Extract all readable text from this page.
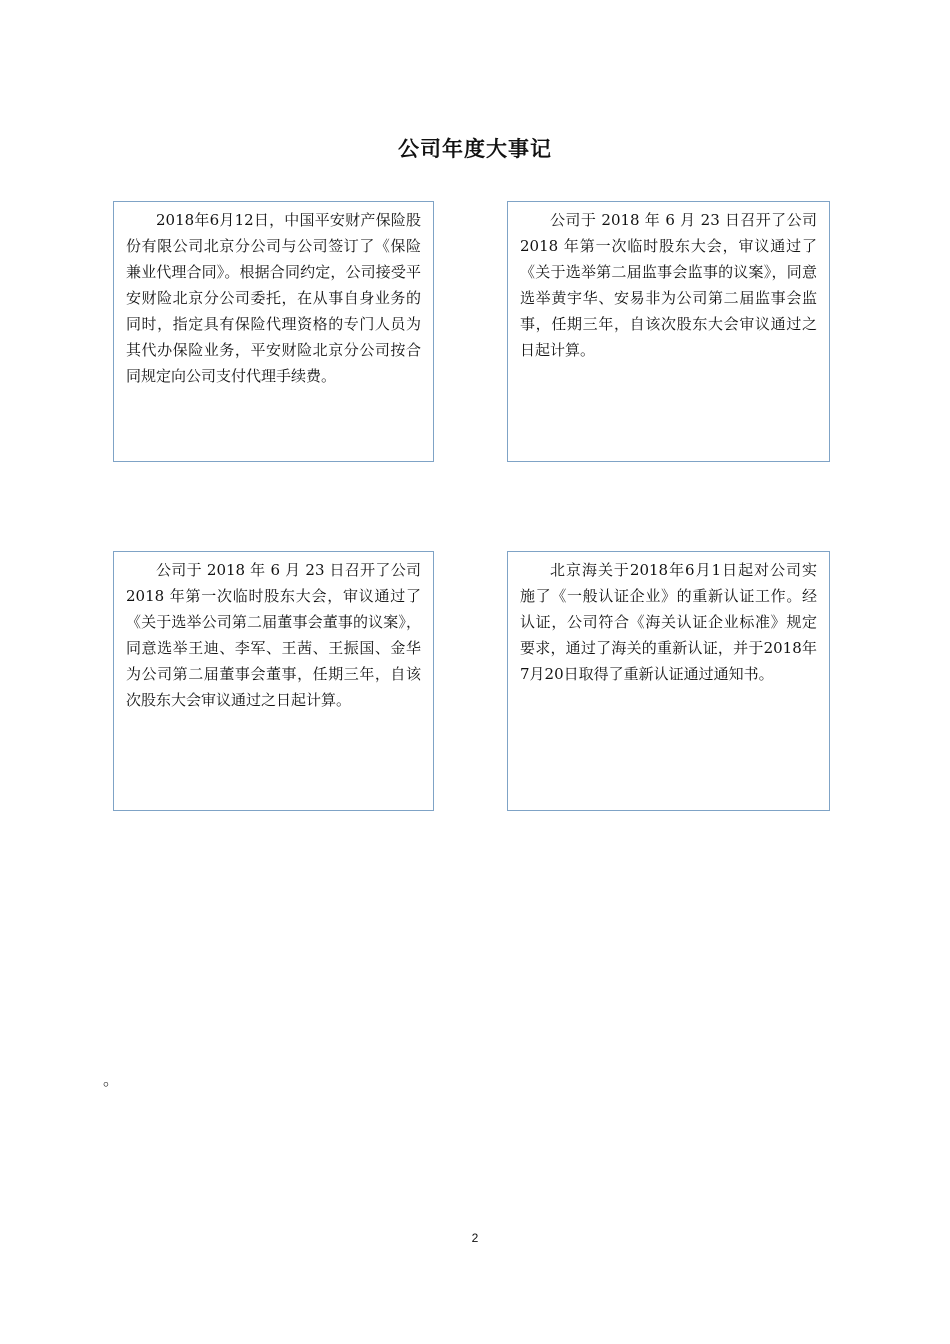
公司年度大事记

2018年6月12日，中国平安财产保险股份有限公司北京分公司与公司签订了《保险兼业代理合同》。根据合同约定，公司接受平安财险北京分公司委托，在从事自身业务的同时，指定具有保险代理资格的专门人员为其代办保险业务，平安财险北京分公司按合同规定向公司支付代理手续费。

公司于 2018 年 6 月 23 日召开了公司 2018 年第一次临时股东大会，审议通过了《关于选举第二届监事会监事的议案》，同意选举黄宇华、安易非为公司第二届监事会监事，任期三年，自该次股东大会审议通过之日起计算。

公司于 2018 年 6 月 23 日召开了公司 2018 年第一次临时股东大会，审议通过了《关于选举公司第二届董事会董事的议案》，同意选举王迪、李军、王茜、王振国、金华为公司第二届董事会董事，任期三年，自该次股东大会审议通过之日起计算。

北京海关于2018年6月1日起对公司实施了《一般认证企业》的重新认证工作。经认证，公司符合《海关认证企业标准》规定要求，通过了海关的重新认证，并于2018年7月20日取得了重新认证通过通知书。

。
2
